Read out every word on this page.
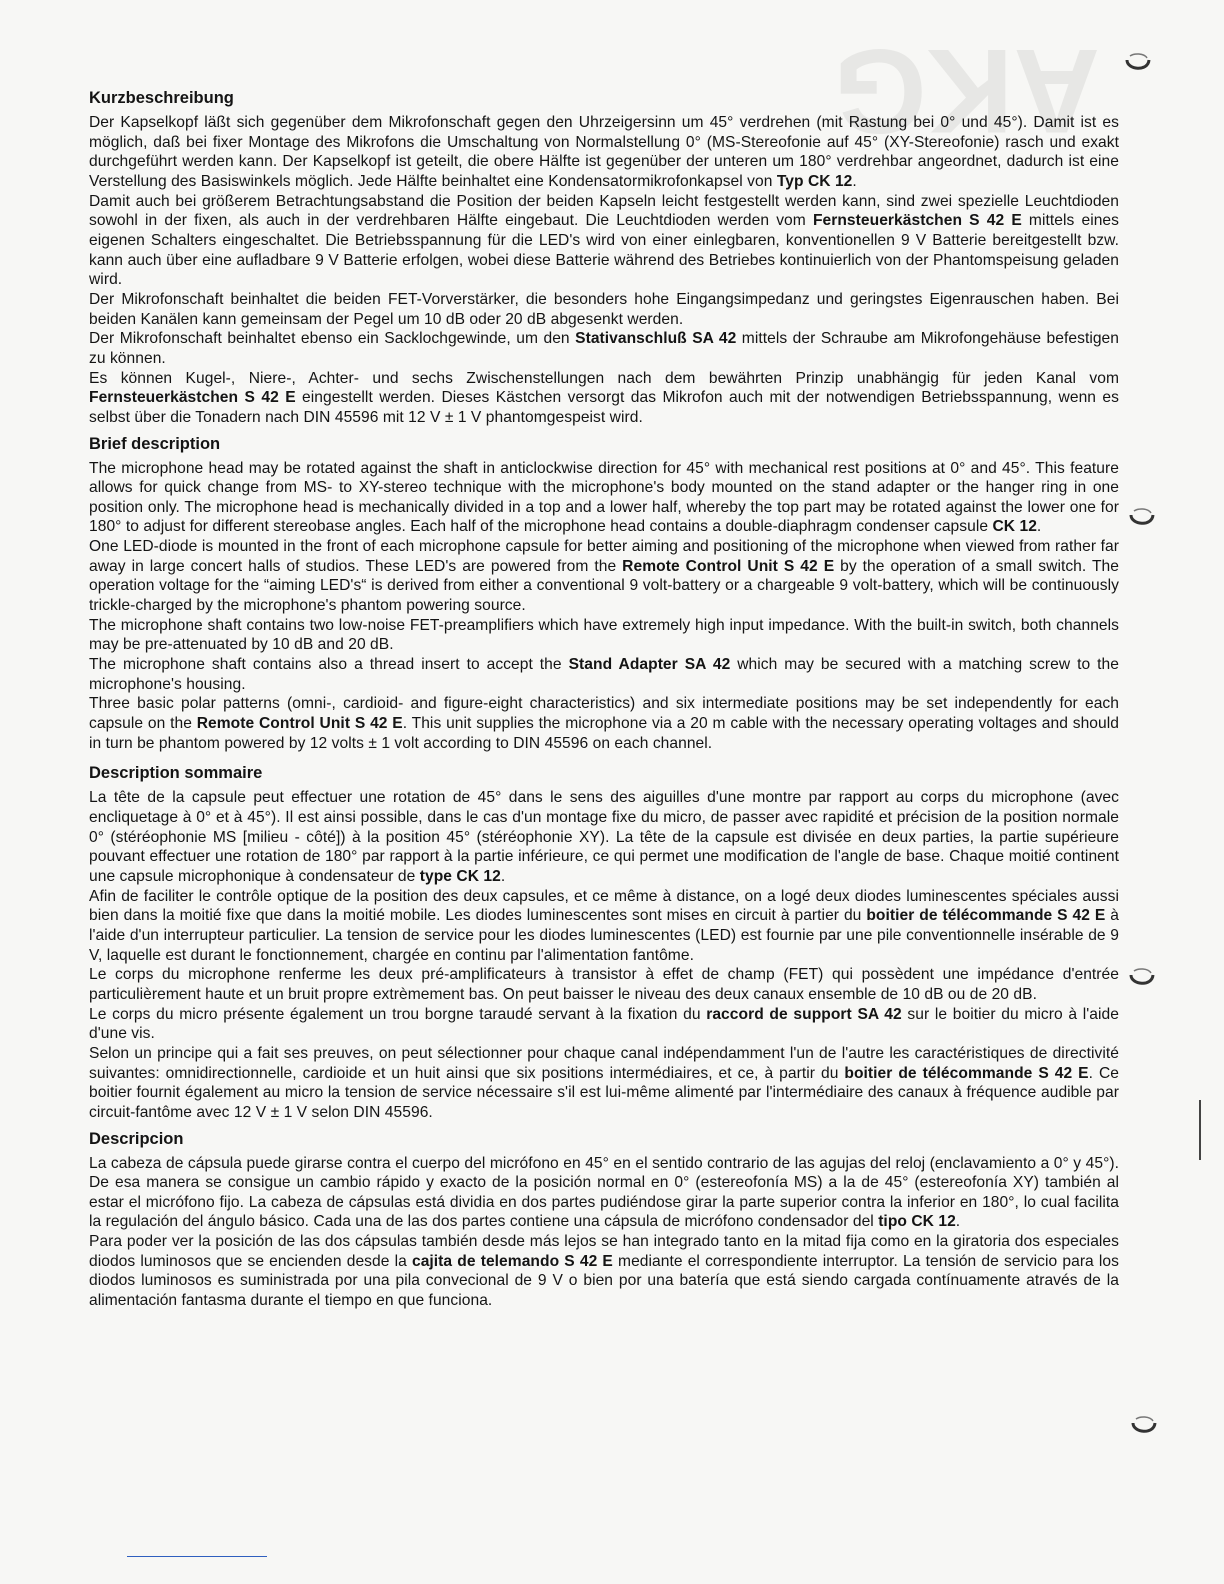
AKG
Kurzbeschreibung

Der Kapselkopf läßt sich gegenüber dem Mikrofonschaft gegen den Uhrzeigersinn um 45° verdrehen (mit Rastung bei 0° und 45°). Damit ist es möglich, daß bei fixer Montage des Mikrofons die Umschaltung von Normalstellung 0° (MS-Stereofonie auf 45° (XY-Stereofonie) rasch und exakt durchgeführt werden kann. Der Kapselkopf ist geteilt, die obere Hälfte ist gegenüber der unteren um 180° verdrehbar angeordnet, dadurch ist eine Verstellung des Basiswinkels möglich. Jede Hälfte beinhaltet eine Kondensatormikrofonkapsel von Typ CK 12.

Damit auch bei größerem Betrachtungsabstand die Position der beiden Kapseln leicht festgestellt werden kann, sind zwei spezielle Leuchtdioden sowohl in der fixen, als auch in der verdrehbaren Hälfte eingebaut. Die Leuchtdioden werden vom Fernsteuerkästchen S 42 E mittels eines eigenen Schalters eingeschaltet. Die Betriebsspannung für die LED's wird von einer einlegbaren, konventionellen 9 V Batterie bereitgestellt bzw. kann auch über eine aufladbare 9 V Batterie erfolgen, wobei diese Batterie während des Betriebes kontinuierlich von der Phantomspeisung geladen wird.

Der Mikrofonschaft beinhaltet die beiden FET-Vorverstärker, die besonders hohe Eingangsimpedanz und geringstes Eigenrauschen haben. Bei beiden Kanälen kann gemeinsam der Pegel um 10 dB oder 20 dB abgesenkt werden.

Der Mikrofonschaft beinhaltet ebenso ein Sacklochgewinde, um den Stativanschluß SA 42 mittels der Schraube am Mikrofongehäuse befestigen zu können.

Es können Kugel-, Niere-, Achter- und sechs Zwischenstellungen nach dem bewährten Prinzip unabhängig für jeden Kanal vom Fernsteuerkästchen S 42 E eingestellt werden. Dieses Kästchen versorgt das Mikrofon auch mit der notwendigen Betriebsspannung, wenn es selbst über die Tonadern nach DIN 45596 mit 12 V ± 1 V phantomgespeist wird.

Brief description

The microphone head may be rotated against the shaft in anticlockwise direction for 45° with mechanical rest positions at 0° and 45°. This feature allows for quick change from MS- to XY-stereo technique with the microphone's body mounted on the stand adapter or the hanger ring in one position only. The microphone head is mechanically divided in a top and a lower half, whereby the top part may be rotated against the lower one for 180° to adjust for different stereobase angles. Each half of the microphone head contains a double-diaphragm condenser capsule CK 12.

One LED-diode is mounted in the front of each microphone capsule for better aiming and positioning of the microphone when viewed from rather far away in large concert halls of studios. These LED's are powered from the Remote Control Unit S 42 E by the operation of a small switch. The operation voltage for the “aiming LED's“ is derived from either a conventional 9 volt-battery or a chargeable 9 volt-battery, which will be continuously trickle-charged by the microphone's phantom powering source.

The microphone shaft contains two low-noise FET-preamplifiers which have extremely high input impedance. With the built-in switch, both channels may be pre-attenuated by 10 dB and 20 dB.

The microphone shaft contains also a thread insert to accept the Stand Adapter SA 42 which may be secured with a matching screw to the microphone's housing.

Three basic polar patterns (omni-, cardioid- and figure-eight characteristics) and six intermediate positions may be set independently for each capsule on the Remote Control Unit S 42 E. This unit supplies the microphone via a 20 m cable with the necessary operating voltages and should in turn be phantom powered by 12 volts ± 1 volt according to DIN 45596 on each channel.

Description sommaire

La tête de la capsule peut effectuer une rotation de 45° dans le sens des aiguilles d'une montre par rapport au corps du microphone (avec encliquetage à 0° et à 45°). Il est ainsi possible, dans le cas d'un montage fixe du micro, de passer avec rapidité et précision de la position normale 0° (stéréophonie MS [milieu - côté]) à la position 45° (stéréophonie XY). La tête de la capsule est divisée en deux parties, la partie supérieure pouvant effectuer une rotation de 180° par rapport à la partie inférieure, ce qui permet une modification de l'angle de base. Chaque moitié continent une capsule microphonique à condensateur de type CK 12.

Afin de faciliter le contrôle optique de la position des deux capsules, et ce même à distance, on a logé deux diodes luminescentes spéciales aussi bien dans la moitié fixe que dans la moitié mobile. Les diodes luminescentes sont mises en circuit à partier du boitier de télécommande S 42 E à l'aide d'un interrupteur particulier. La tension de service pour les diodes luminescentes (LED) est fournie par une pile conventionnelle insérable de 9 V, laquelle est durant le fonctionnement, chargée en continu par l'alimentation fantôme.

Le corps du microphone renferme les deux pré-amplificateurs à transistor à effet de champ (FET) qui possèdent une impédance d'entrée particulièrement haute et un bruit propre extrèmement bas. On peut baisser le niveau des deux canaux ensemble de 10 dB ou de 20 dB.

Le corps du micro présente également un trou borgne taraudé servant à la fixation du raccord de support SA 42 sur le boitier du micro à l'aide d'une vis.

Selon un principe qui a fait ses preuves, on peut sélectionner pour chaque canal indépendamment l'un de l'autre les caractéristiques de directivité suivantes: omnidirectionnelle, cardioide et un huit ainsi que six positions intermédiaires, et ce, à partir du boitier de télécommande S 42 E. Ce boitier fournit également au micro la tension de service nécessaire s'il est lui-même alimenté par l'intermédiaire des canaux à fréquence audible par circuit-fantôme avec 12 V ± 1 V selon DIN 45596.

Descripcion

La cabeza de cápsula puede girarse contra el cuerpo del micrófono en 45° en el sentido contrario de las agujas del reloj (enclavamiento a 0° y 45°). De esa manera se consigue un cambio rápido y exacto de la posición normal en 0° (estereofonía MS) a la de 45° (estereofonía XY) también al estar el micrófono fijo. La cabeza de cápsulas está dividia en dos partes pudiéndose girar la parte superior contra la inferior en 180°, lo cual facilita la regulación del ángulo básico. Cada una de las dos partes contiene una cápsula de micrófono condensador del tipo CK 12.

Para poder ver la posición de las dos cápsulas también desde más lejos se han integrado tanto en la mitad fija como en la giratoria dos especiales diodos luminosos que se encienden desde la cajita de telemando S 42 E mediante el correspondiente interruptor. La tensión de servicio para los diodos luminosos es suministrada por una pila convecional de 9 V o bien por una batería que está siendo cargada contínuamente através de la alimentación fantasma durante el tiempo en que funciona.
